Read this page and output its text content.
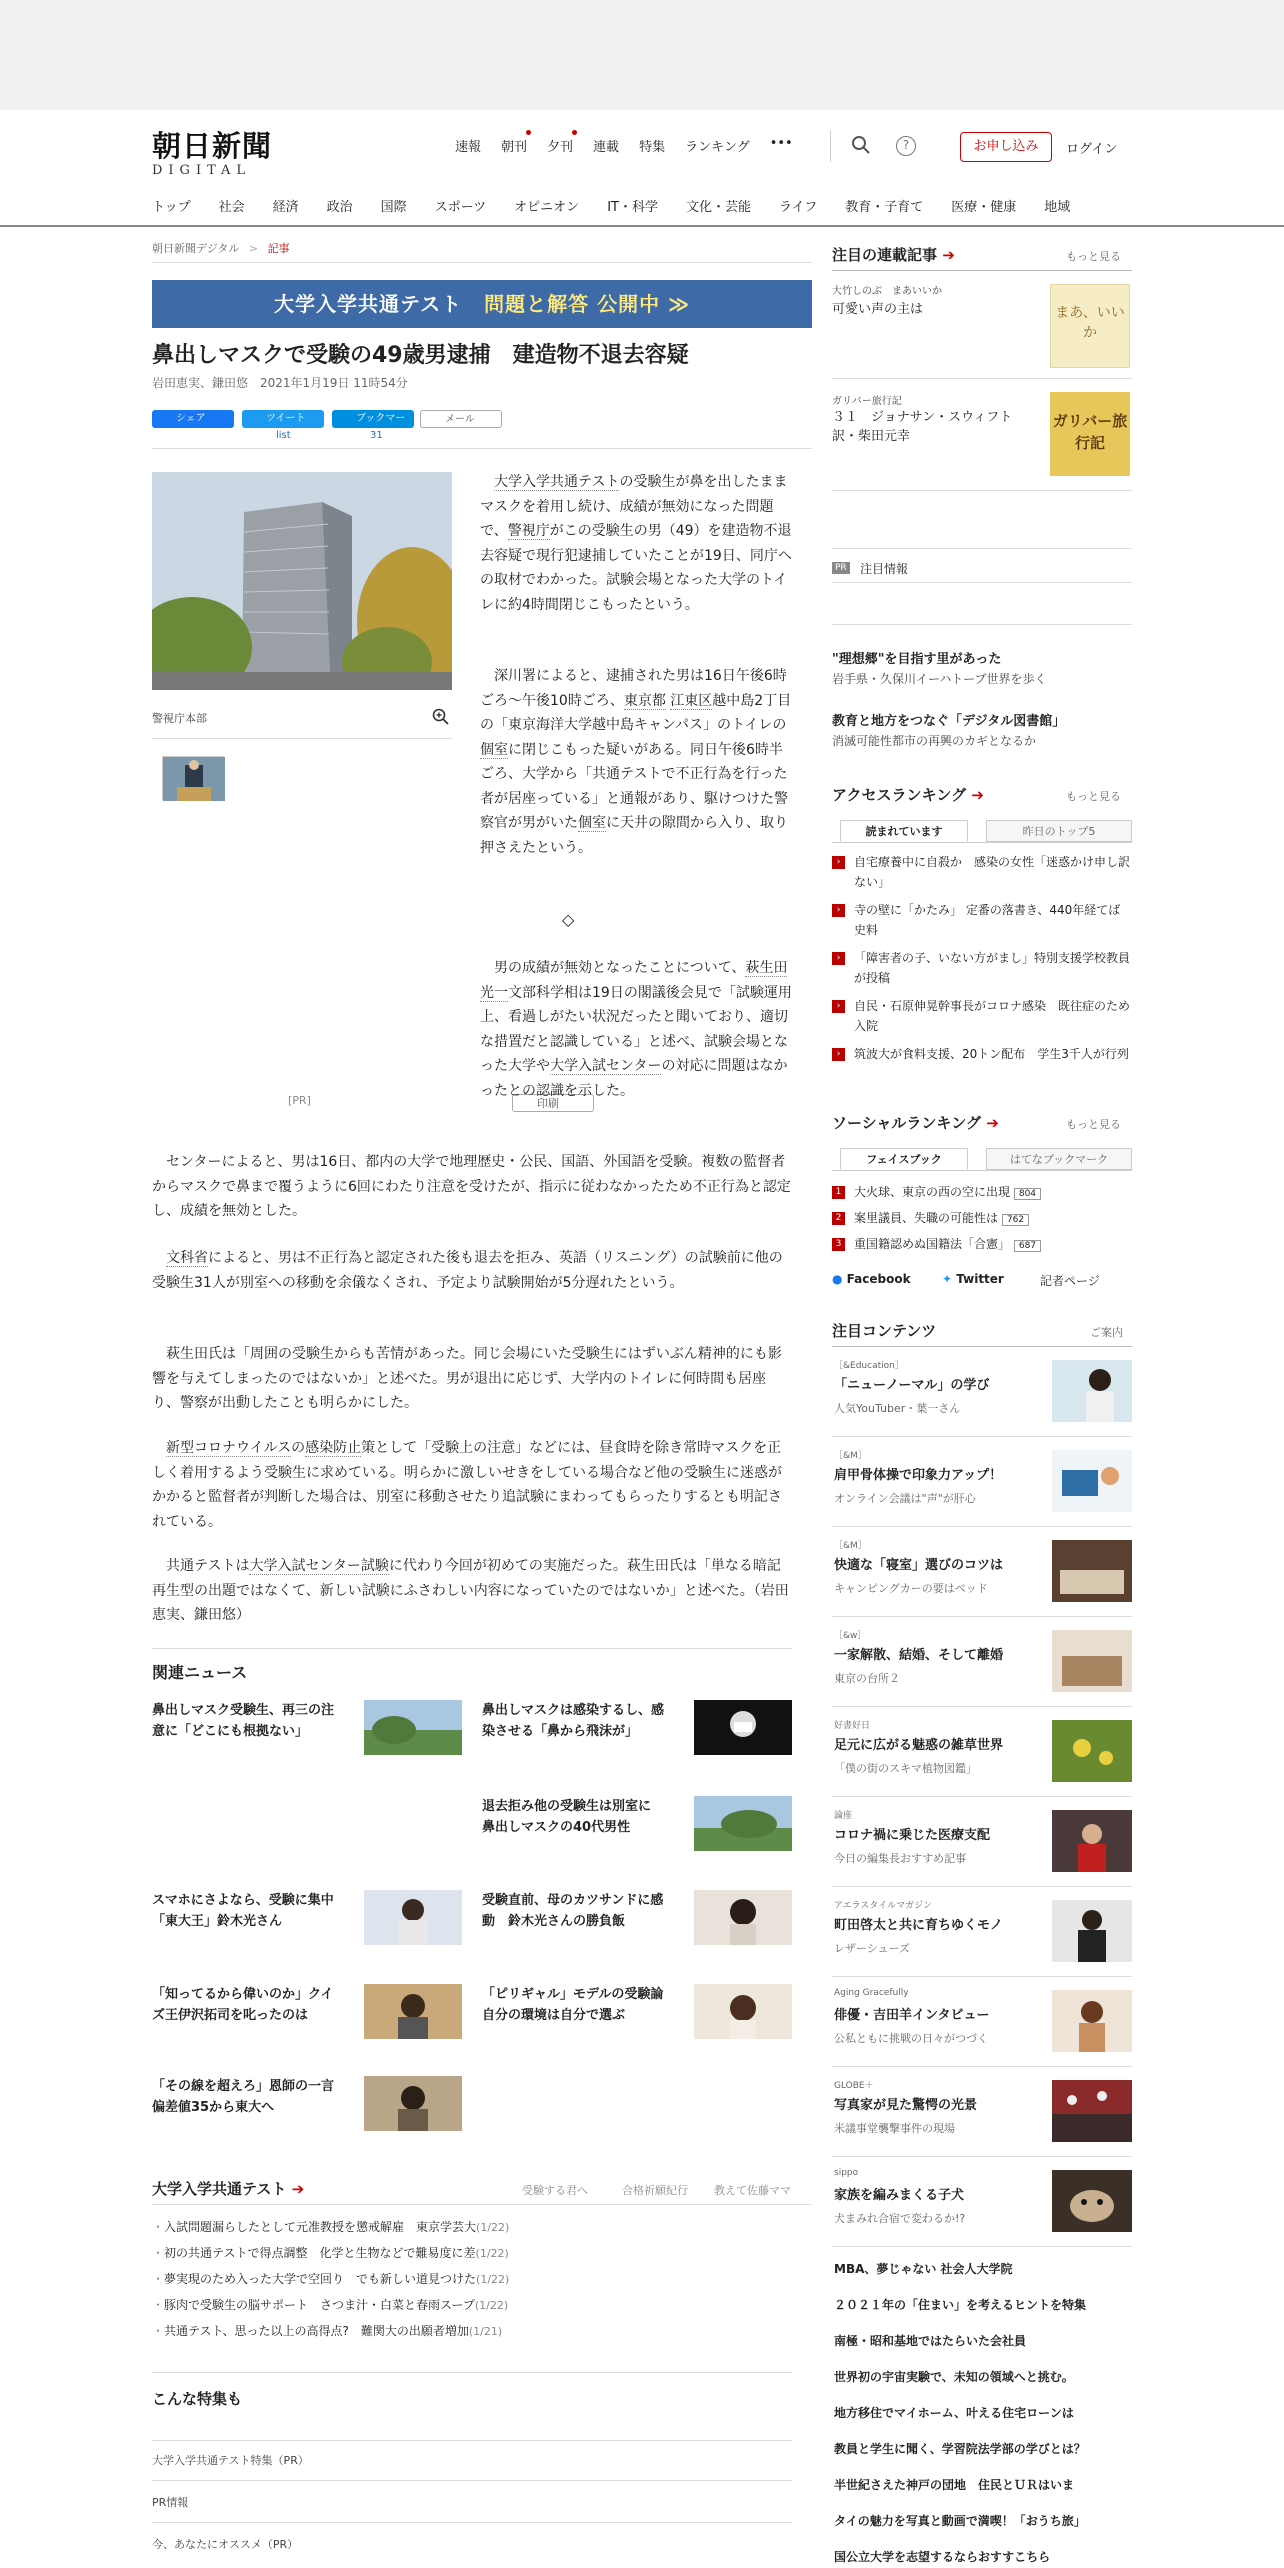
朝日新聞
DIGITAL
速報 朝刊 夕刊 連載 特集 ランキング •••	?	お申し込み	ログイン
トップ 社会 経済 政治 国際 スポーツ オピニオン IT・科学 文化・芸能 ライフ 教育・子育て 医療・健康 地域
朝日新聞デジタル > 記事
大学入学共通テスト 問題と解答 公開中 ≫
鼻出しマスクで受験の49歳男逮捕　建造物不退去容疑
岩田恵実、鎌田悠　2021年1月19日 11時54分
シェア	ツイート	ブックマーク
メール
印刷
list	31
警視庁本部
[PR]

　大学入学共通テストの受験生が鼻を出したままマスクを着用し続け、成績が無効になった問題で、警視庁がこの受験生の男（49）を建造物不退去容疑で現行犯逮捕していたことが19日、同庁への取材でわかった。試験会場となった大学のトイレに約4時間閉じこもったという。

　深川署によると、逮捕された男は16日午後6時ごろ～午後10時ごろ、東京都 江東区越中島2丁目の「東京海洋大学越中島キャンパス」のトイレの個室に閉じこもった疑いがある。同日午後6時半ごろ、大学から「共通テストで不正行為を行った者が居座っている」と通報があり、駆けつけた警察官が男がいた個室に天井の隙間から入り、取り押さえたという。

◇

　男の成績が無効となったことについて、萩生田光一文部科学相は19日の閣議後会見で「試験運用上、看過しがたい状況だったと聞いており、適切な措置だと認識している」と述べ、試験会場となった大学や大学入試センターの対応に問題はなかったとの認識を示した。

　センターによると、男は16日、都内の大学で地理歴史・公民、国語、外国語を受験。複数の監督者からマスクで鼻まで覆うように6回にわたり注意を受けたが、指示に従わなかったため不正行為と認定し、成績を無効とした。

　文科省によると、男は不正行為と認定された後も退去を拒み、英語（リスニング）の試験前に他の受験生31人が別室への移動を余儀なくされ、予定より試験開始が5分遅れたという。

　萩生田氏は「周囲の受験生からも苦情があった。同じ会場にいた受験生にはずいぶん精神的にも影響を与えてしまったのではないか」と述べた。男が退出に応じず、大学内のトイレに何時間も居座り、警察が出動したことも明らかにした。

　新型コロナウイルスの感染防止策として「受験上の注意」などには、昼食時を除き常時マスクを正しく着用するよう受験生に求めている。明らかに激しいせきをしている場合など他の受験生に迷惑がかかると監督者が判断した場合は、別室に移動させたり追試験にまわってもらったりするとも明記されている。

　共通テストは大学入試センター試験に代わり今回が初めての実施だった。萩生田氏は「単なる暗記再生型の出題ではなくて、新しい試験にふさわしい内容になっていたのではないか」と述べた。（岩田恵実、鎌田悠）

関連ニュース
鼻出しマスク受験生、再三の注意に「どこにも根拠ない」
鼻出しマスクは感染するし、感染させる「鼻から飛沫が」
退去拒み他の受験生は別室に　鼻出しマスクの40代男性
スマホにさよなら、受験に集中　「東大王」鈴木光さん
受験直前、母のカツサンドに感動　鈴木光さんの勝負飯
「知ってるから偉いのか」クイズ王伊沢拓司を叱ったのは
「ピリギャル」モデルの受験論　自分の環境は自分で選ぶ
「その線を超えろ」恩師の一言　偏差値35から東大へ
大学入学共通テスト ➔	受験する君へ	合格祈願紀行 教えて佐藤ママ
・入試問題漏らしたとして元准教授を懲戒解雇　東京学芸大(1/22)
・初の共通テストで得点調整　化学と生物などで難易度に差(1/22)
・夢実現のため入った大学で空回り　でも新しい道見つけた(1/22)
・豚肉で受験生の脳サポート　さつま汁・白菜と春雨スープ(1/22)
・共通テスト、思った以上の高得点?　難関大の出願者増加(1/21)
こんな特集も
大学入学共通テスト特集（PR）
PR情報
今、あなたにオススメ（PR）
注目の連載記事 ➔	もっと見る
大竹しのぶ　まあいいか
可愛い声の主は	まあ、いいか
ガリバー旅行記
３１　ジョナサン・スウィフト訳・柴田元幸
ガリバー旅行記
PR 注目情報
"理想郷"を目指す里があった
岩手県・久保川イーハトーブ世界を歩く
教育と地方をつなぐ「デジタル図書館」
消滅可能性都市の再興のカギとなるか
アクセスランキング ➔	もっと見る
読まれています	昨日のトップ5
›	自宅療養中に自殺か　感染の女性「迷惑かけ申し訳ない」
›	寺の壁に「かたみ」 定番の落書き、440年経てば史料
›	「障害者の子、いない方がまし」特別支援学校教員が投稿
›	自民・石原伸晃幹事長がコロナ感染　既往症のため入院
›	筑波大が食料支援、20トン配布　学生3千人が行列
ソーシャルランキング ➔	もっと見る
フェイスブック	はてなブックマーク
1	大火球、東京の西の空に出現 804
2	案里議員、失職の可能性は 762
3	重国籍認めぬ国籍法「合憲」 687
● Facebook	✦ Twitter	記者ページ
注目コンテンツ	ご案内
［&Education］
「ニューノーマル」の学び
人気YouTuber・葉一さん
［&M］
肩甲骨体操で印象力アップ！
オンライン会議は"声"が肝心
［&M］
快適な「寝室」選びのコツは
キャンピングカーの要はベッド
［&w］
一家解散、結婚、そして離婚
東京の台所２
好書好日
足元に広がる魅惑の雑草世界
「僕の街のスキマ植物図鑑」
論座
コロナ禍に乗じた医療支配
今日の編集長おすすめ記事
アエラスタイルマガジン
町田啓太と共に育ちゆくモノ
レザーシューズ
Aging Gracefully
俳優・吉田羊インタビュー
公私ともに挑戦の日々がつづく
GLOBE＋
写真家が見た驚愕の光景
米議事堂襲撃事件の現場
sippo
家族を編みまくる子犬
犬まみれ合宿で変わるか!?
MBA、夢じゃない 社会人大学院
２０２１年の「住まい」を考えるヒントを特集
南極・昭和基地ではたらいた会社員
世界初の宇宙実験で、未知の領域へと挑む。
地方移住でマイホーム、叶える住宅ローンは
教員と学生に聞く、学習院法学部の学びとは？
半世紀さえた神戸の団地　住民とＵＲはいま
タイの魅力を写真と動画で満喫！「おうち旅」
国公立大学を志望するならおすすこちら
